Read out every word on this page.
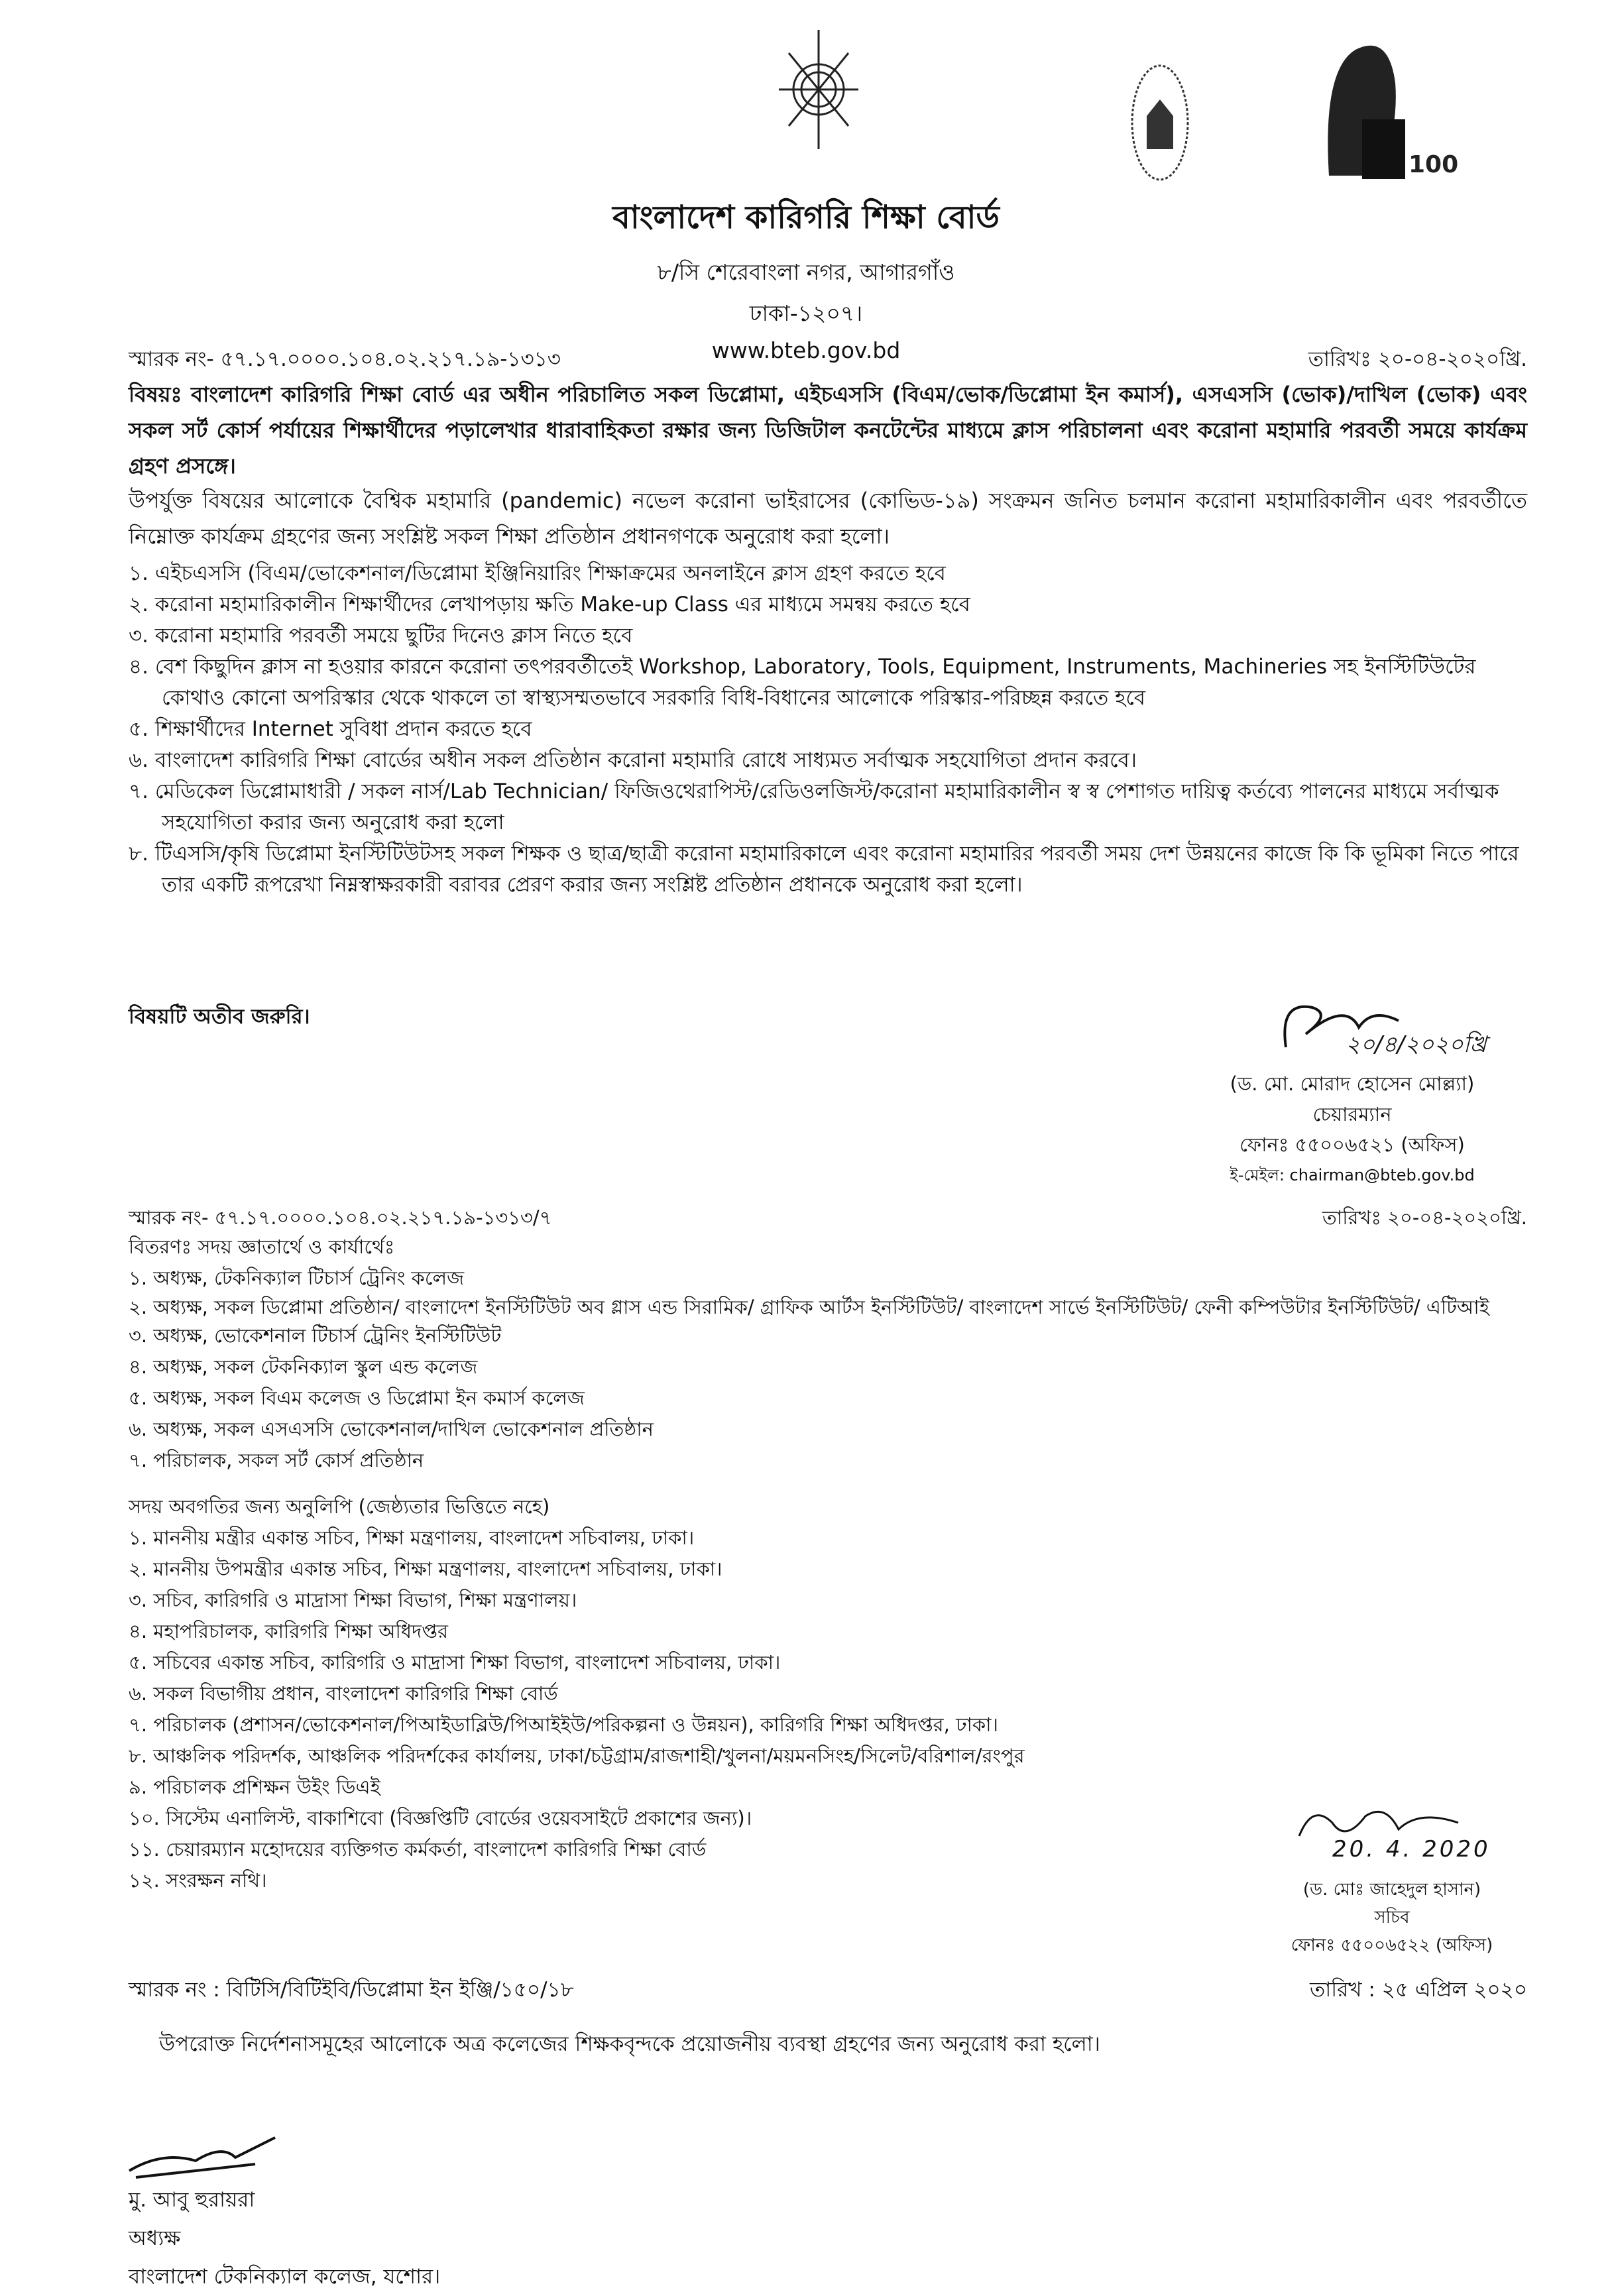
100
বাংলাদেশ কারিগরি শিক্ষা বোর্ড
৮/সি শেরেবাংলা নগর, আগারগাঁও
ঢাকা-১২০৭।
www.bteb.gov.bd
স্মারক নং- ৫৭.১৭.০০০০.১০৪.০২.২১৭.১৯-১৩১৩	তারিখঃ ২০-০৪-২০২০খ্রি.
বিষয়ঃ বাংলাদেশ কারিগরি শিক্ষা বোর্ড এর অধীন পরিচালিত সকল ডিপ্লোমা, এইচএসসি (বিএম/ভোক/ডিপ্লোমা ইন কমার্স), এসএসসি (ভোক)/দাখিল (ভোক) এবং সকল সর্ট কোর্স পর্যায়ের শিক্ষার্থীদের পড়ালেখার ধারাবাহিকতা রক্ষার জন্য ডিজিটাল কনটেন্টের মাধ্যমে ক্লাস পরিচালনা এবং করোনা মহামারি পরবর্তী সময়ে কার্যক্রম গ্রহণ প্রসঙ্গে।
উপর্যুক্ত বিষয়ের আলোকে বৈশ্বিক মহামারি (pandemic) নভেল করোনা ভাইরাসের (কোভিড-১৯) সংক্রমন জনিত চলমান করোনা মহামারিকালীন এবং পরবর্তীতে নিম্নোক্ত কার্যক্রম গ্রহণের জন্য সংশ্লিষ্ট সকল শিক্ষা প্রতিষ্ঠান প্রধানগণকে অনুরোধ করা হলো।
১. এইচএসসি (বিএম/ভোকেশনাল/ডিপ্লোমা ইঞ্জিনিয়ারিং শিক্ষাক্রমের অনলাইনে ক্লাস গ্রহণ করতে হবে
২. করোনা মহামারিকালীন শিক্ষার্থীদের লেখাপড়ায় ক্ষতি Make-up Class এর মাধ্যমে সমন্বয় করতে হবে
৩. করোনা মহামারি পরবর্তী সময়ে ছুটির দিনেও ক্লাস নিতে হবে
৪. বেশ কিছুদিন ক্লাস না হওয়ার কারনে করোনা তৎপরবর্তীতেই Workshop, Laboratory, Tools, Equipment, Instruments, Machineries সহ ইনস্টিটিউটের কোথাও কোনো অপরিস্কার থেকে থাকলে তা স্বাস্থ্যসম্মতভাবে সরকারি বিধি-বিধানের আলোকে পরিস্কার-পরিচ্ছন্ন করতে হবে
৫. শিক্ষার্থীদের Internet সুবিধা প্রদান করতে হবে
৬. বাংলাদেশ কারিগরি শিক্ষা বোর্ডের অধীন সকল প্রতিষ্ঠান করোনা মহামারি রোধে সাধ্যমত সর্বাত্মক সহযোগিতা প্রদান করবে।
৭. মেডিকেল ডিপ্লোমাধারী / সকল নার্স/Lab Technician/ ফিজিওথেরাপিস্ট/রেডিওলজিস্ট/করোনা মহামারিকালীন স্ব স্ব পেশাগত দায়িত্ব কর্তব্যে পালনের মাধ্যমে সর্বাত্মক সহযোগিতা করার জন্য অনুরোধ করা হলো
৮. টিএসসি/কৃষি ডিপ্লোমা ইনস্টিটিউটসহ সকল শিক্ষক ও ছাত্র/ছাত্রী করোনা মহামারিকালে এবং করোনা মহামারির পরবর্তী সময় দেশ উন্নয়নের কাজে কি কি ভূমিকা নিতে পারে তার একটি রূপরেখা নিম্নস্বাক্ষরকারী বরাবর প্রেরণ করার জন্য সংশ্লিষ্ট প্রতিষ্ঠান প্রধানকে অনুরোধ করা হলো।
বিষয়টি অতীব জরুরি।
২০/৪/২০২০খ্রি
(ড. মো. মোরাদ হোসেন মোল্ল্যা)
চেয়ারম্যান
ফোনঃ ৫৫০০৬৫২১ (অফিস)
ই-মেইল: chairman@bteb.gov.bd
স্মারক নং- ৫৭.১৭.০০০০.১০৪.০২.২১৭.১৯-১৩১৩/৭	তারিখঃ ২০-০৪-২০২০খ্রি.
বিতরণঃ সদয় জ্ঞাতার্থে ও কার্যার্থেঃ
১. অধ্যক্ষ, টেকনিক্যাল টিচার্স ট্রেনিং কলেজ
২. অধ্যক্ষ, সকল ডিপ্লোমা প্রতিষ্ঠান/ বাংলাদেশ ইনস্টিটিউট অব গ্লাস এন্ড সিরামিক/ গ্রাফিক আর্টস ইনস্টিটিউট/ বাংলাদেশ সার্ভে ইনস্টিটিউট/ ফেনী কম্পিউটার ইনস্টিটিউট/ এটিআই
৩. অধ্যক্ষ, ভোকেশনাল টিচার্স ট্রেনিং ইনস্টিটিউট
৪. অধ্যক্ষ, সকল টেকনিক্যাল স্কুল এন্ড কলেজ
৫. অধ্যক্ষ, সকল বিএম কলেজ ও ডিপ্লোমা ইন কমার্স কলেজ
৬. অধ্যক্ষ, সকল এসএসসি ভোকেশনাল/দাখিল ভোকেশনাল প্রতিষ্ঠান
৭. পরিচালক, সকল সর্ট কোর্স প্রতিষ্ঠান
সদয় অবগতির জন্য অনুলিপি (জেষ্ঠ্যতার ভিত্তিতে নহে)
১. মাননীয় মন্ত্রীর একান্ত সচিব, শিক্ষা মন্ত্রণালয়, বাংলাদেশ সচিবালয়, ঢাকা।
২. মাননীয় উপমন্ত্রীর একান্ত সচিব, শিক্ষা মন্ত্রণালয়, বাংলাদেশ সচিবালয়, ঢাকা।
৩. সচিব, কারিগরি ও মাদ্রাসা শিক্ষা বিভাগ, শিক্ষা মন্ত্রণালয়।
৪. মহাপরিচালক, কারিগরি শিক্ষা অধিদপ্তর
৫. সচিবের একান্ত সচিব, কারিগরি ও মাদ্রাসা শিক্ষা বিভাগ, বাংলাদেশ সচিবালয়, ঢাকা।
৬. সকল বিভাগীয় প্রধান, বাংলাদেশ কারিগরি শিক্ষা বোর্ড
৭. পরিচালক (প্রশাসন/ভোকেশনাল/পিআইডাব্লিউ/পিআইইউ/পরিকল্পনা ও উন্নয়ন), কারিগরি শিক্ষা অধিদপ্তর, ঢাকা।
৮. আঞ্চলিক পরিদর্শক, আঞ্চলিক পরিদর্শকের কার্যালয়, ঢাকা/চট্টগ্রাম/রাজশাহী/খুলনা/ময়মনসিংহ/সিলেট/বরিশাল/রংপুর
৯. পরিচালক প্রশিক্ষন উইং ডিএই
১০. সিস্টেম এনালিস্ট, বাকাশিবো (বিজ্ঞপ্তিটি বোর্ডের ওয়েবসাইটে প্রকাশের জন্য)।
১১. চেয়ারম্যান মহোদয়ের ব্যক্তিগত কর্মকর্তা, বাংলাদেশ কারিগরি শিক্ষা বোর্ড
১২. সংরক্ষন নথি।
20. 4. 2020
(ড. মোঃ জাহেদুল হাসান)
সচিব
ফোনঃ ৫৫০০৬৫২২ (অফিস)
স্মারক নং : বিটিসি/বিটিইবি/ডিপ্লোমা ইন ইঞ্জি/১৫০/১৮	তারিখ : ২৫ এপ্রিল ২০২০
উপরোক্ত নির্দেশনাসমূহের আলোকে অত্র কলেজের শিক্ষকবৃন্দকে প্রয়োজনীয় ব্যবস্থা গ্রহণের জন্য অনুরোধ করা হলো।
মু. আবু হুরায়রা
অধ্যক্ষ
বাংলাদেশ টেকনিক্যাল কলেজ, যশোর।
